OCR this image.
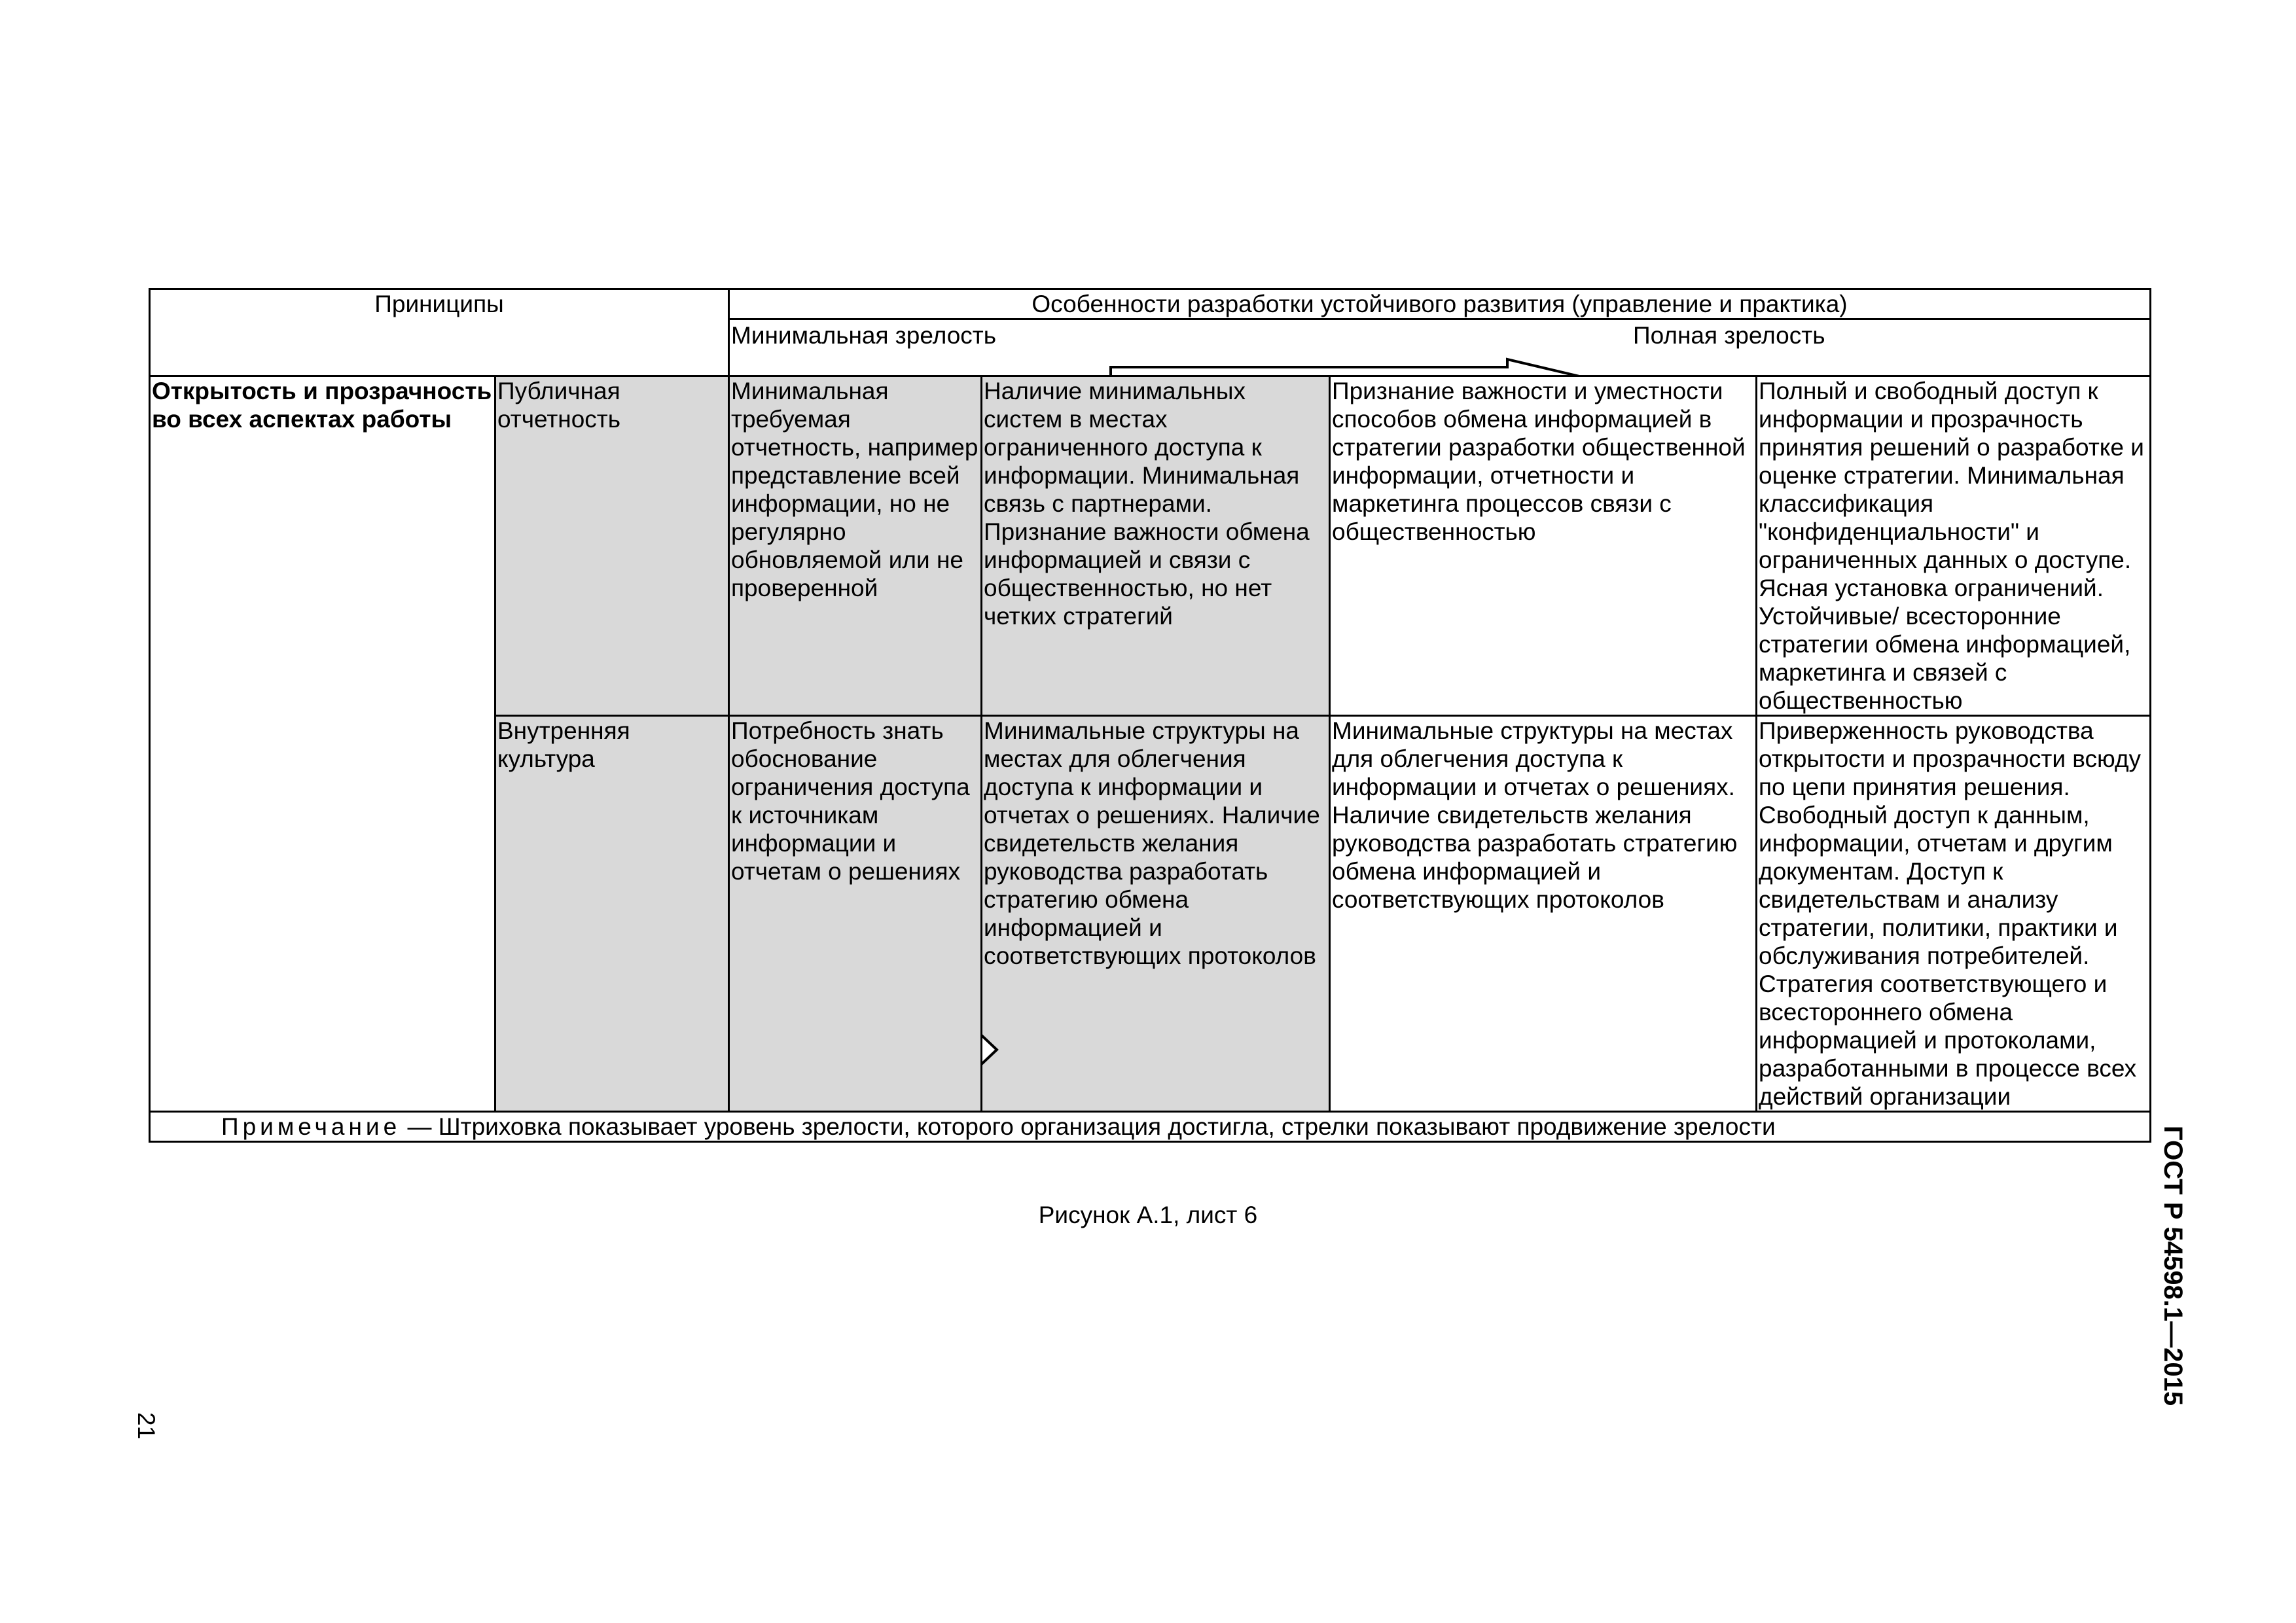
Приниципы		Особенности разработки устойчивого развития (управление и практика)			

		Минимальная зрелость Полная зрелость			

Открытость и прозрачность во всех аспектах работы	Публичная отчетность	Минимальная требуемая отчетность, например представление всей информации, но не регулярно обновляемой или не проверенной	Наличие минимальных систем в местах ограниченного доступа к информации. Минимальная связь с партнерами. Признание важности обмена информацией и связи с общественностью, но нет четких стратегий	Признание важности и уместности способов обмена информацией в стратегии разработки общественной информации, отчетности и маркетинга процессов связи с общественностью	Полный и свободный доступ к информации и прозрачность принятия решений о разработке и оценке стратегии. Минимальная классификация "конфиденциальности" и ограниченных данных о доступе. Ясная установка ограничений. Устойчивые/ всесторонние стратегии обмена информацией, маркетинга и связей с общественностью
	Внутренняя культура	Потребность знать обоснование ограничения доступа к источникам информации и отчетам о решениях	Минимальные структуры на местах для облегчения доступа к информации и отчетах о решениях. Наличие свидетельств желания руководства разработать стратегию обмена информацией и соответствующих протоколов	Минимальные структуры на местах для облегчения доступа к информации и отчетах о решениях. Наличие свидетельств желания руководства разработать стратегию обмена информацией и соответствующих протоколов	Приверженность руководства открытости и прозрачности всюду по цепи принятия решения. Свободный доступ к данным, информации, отчетам и другим документам. Доступ к свидетельствам и анализу стратегии, политики, практики и обслуживания потребителей. Стратегия соответствующего и всестороннего обмена информацией и протоколами, разработанными в процессе всех действий организации
Примечание — Штриховка показывает уровень зрелости, которого организация достигла, стрелки показывают продвижение зрелости					
Рисунок А.1, лист 6
21
ГОСТ Р 54598.1—2015
